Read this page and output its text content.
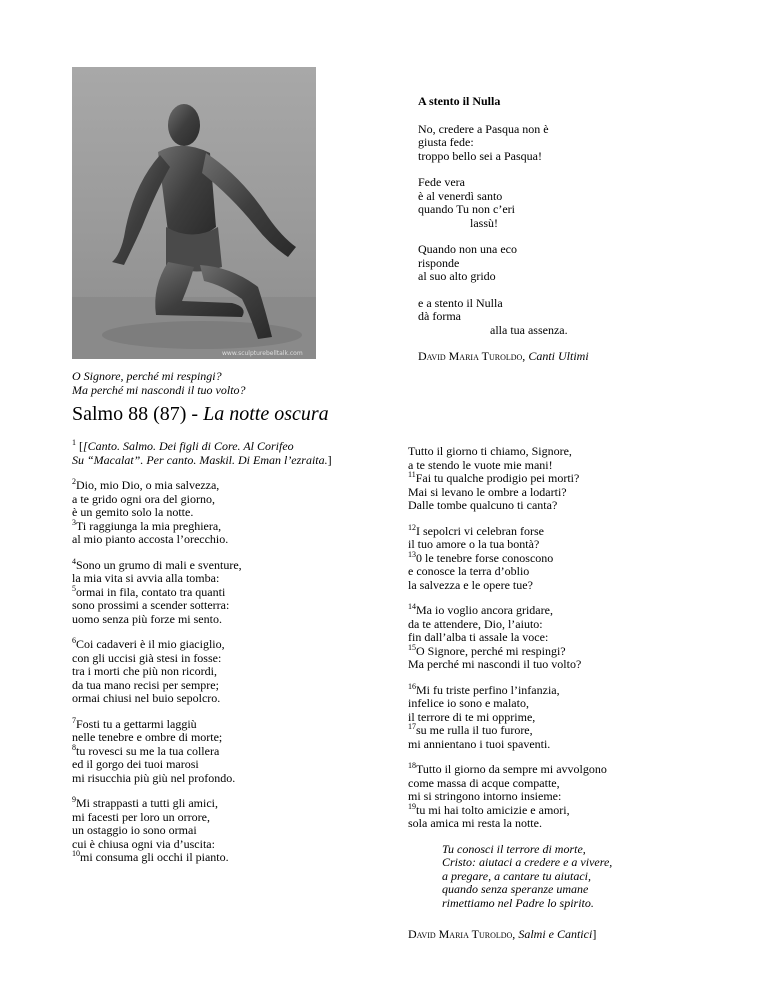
www.sculpturebelltalk.com
O Signore, perché mi respingi?
Ma perché mi nascondi il tuo volto?
A stento il Nulla
No, credere a Pasqua non è
giusta fede:
troppo bello sei a Pasqua!
Fede vera
è al venerdì santo
quando Tu non c’eri
lassù!
Quando non una eco
risponde
al suo alto grido
e a stento il Nulla
dà forma
alla tua assenza.
David Maria Turoldo, Canti Ultimi
Salmo 88 (87) - La notte oscura
$^1$ [[Canto. Salmo. Dei figli di Core. Al Corifeo
Su “Macalat”. Per canto. Maskil. Di Eman l’ezraita.]
$^2$Dio, mio Dio, o mia salvezza,
a te grido ogni ora del giorno,
è un gemito solo la notte.
$^3$Ti raggiunga la mia preghiera,
al mio pianto accosta l’orecchio.
$^4$Sono un grumo di mali e sventure,
la mia vita si avvia alla tomba:
$^5$ormai in fila, contato tra quanti
sono prossimi a scender sotterra:
uomo senza più forze mi sento.
$^6$Coi cadaveri è il mio giaciglio,
con gli uccisi già stesi in fosse:
tra i morti che più non ricordi,
da tua mano recisi per sempre;
ormai chiusi nel buio sepolcro.
$^7$Fosti tu a gettarmi laggiù
nelle tenebre e ombre di morte;
$^8$tu rovesci su me la tua collera
ed il gorgo dei tuoi marosi
mi risucchia più giù nel profondo.
$^9$Mi strappasti a tutti gli amici,
mi facesti per loro un orrore,
un ostaggio io sono ormai
cui è chiusa ogni via d’uscita:
$^{10}$mi consuma gli occhi il pianto.
Tutto il giorno ti chiamo, Signore,
a te stendo le vuote mie mani!
$^{11}$Fai tu qualche prodigio pei morti?
Mai si levano le ombre a lodarti?
Dalle tombe qualcuno ti canta?
$^{12}$I sepolcri vi celebran forse
il tuo amore o la tua bontà?
$^{13}$0 le tenebre forse conoscono
e conosce la terra d’oblio
la salvezza e le opere tue?
$^{14}$Ma io voglio ancora gridare,
da te attendere, Dio, l’aiuto:
fin dall’alba ti assale la voce:
$^{15}$O Signore, perché mi respingi?
Ma perché mi nascondi il tuo volto?
$^{16}$Mi fu triste perfino l’infanzia,
infelice io sono e malato,
il terrore di te mi opprime,
$^{17}$su me rulla il tuo furore,
mi annientano i tuoi spaventi.
$^{18}$Tutto il giorno da sempre mi avvolgono
come massa di acque compatte,
mi si stringono intorno insieme:
$^{19}$tu mi hai tolto amicizie e amori,
sola amica mi resta la notte.
Tu conosci il terrore di morte,
Cristo: aiutaci a credere e a vivere,
a pregare, a cantare tu aiutaci,
quando senza speranze umane
rimettiamo nel Padre lo spirito.
David Maria Turoldo, Salmi e Cantici]
